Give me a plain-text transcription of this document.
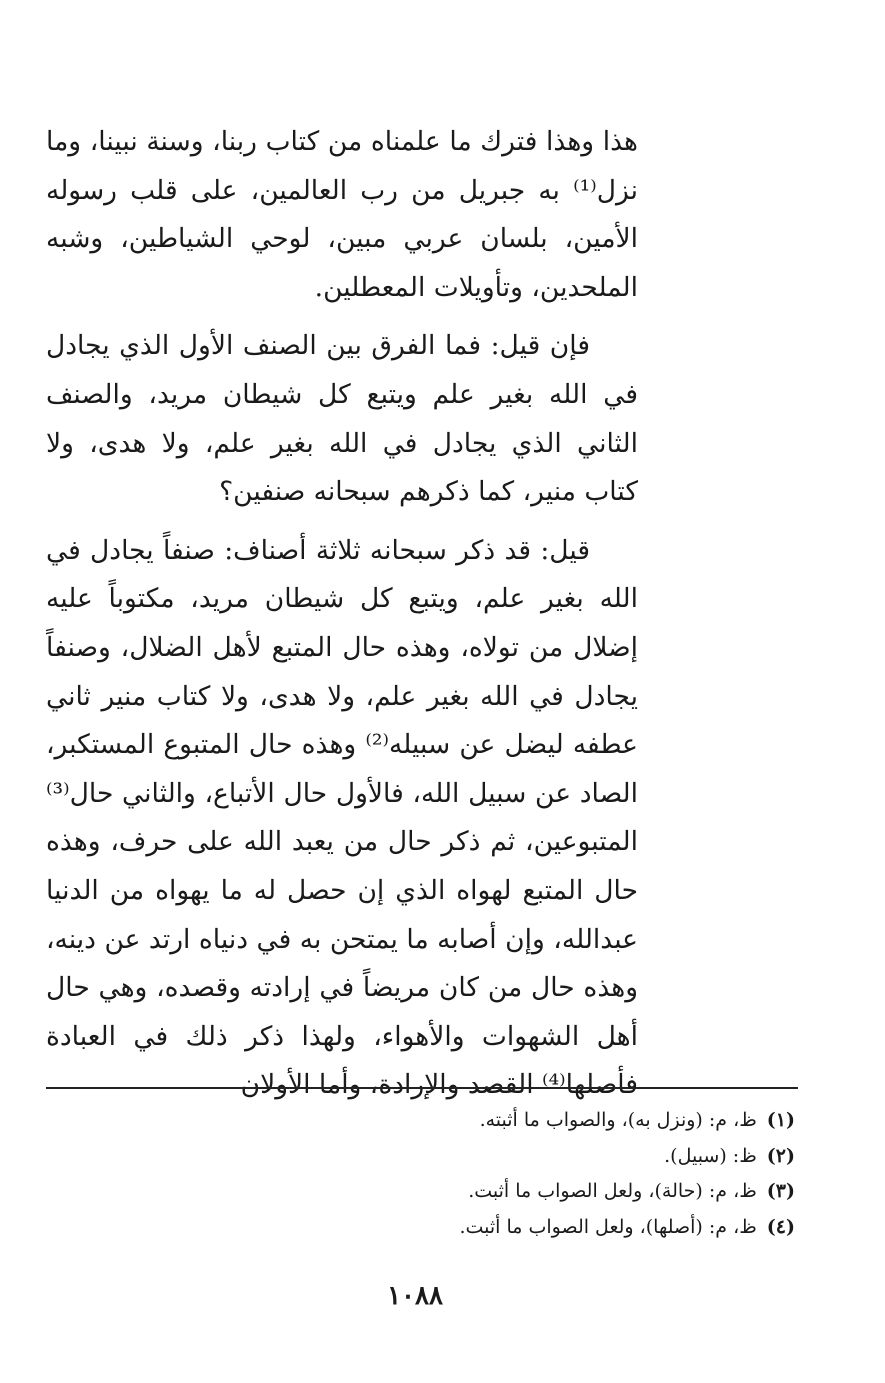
هذا وهذا فترك ما علمناه من كتاب ربنا، وسنة نبينا، وما نزل⁽¹⁾ به جبريل من رب العالمين، على قلب رسوله الأمين، بلسان عربي مبين، لوحي الشياطين، وشبه الملحدين، وتأويلات المعطلين.

فإن قيل: فما الفرق بين الصنف الأول الذي يجادل في الله بغير علم ويتبع كل شيطان مريد، والصنف الثاني الذي يجادل في الله بغير علم، ولا هدى، ولا كتاب منير، كما ذكرهم سبحانه صنفين؟

قيل: قد ذكر سبحانه ثلاثة أصناف: صنفاً يجادل في الله بغير علم، ويتبع كل شيطان مريد، مكتوباً عليه إضلال من تولاه، وهذه حال المتبع لأهل الضلال، وصنفاً يجادل في الله بغير علم، ولا هدى، ولا كتاب منير ثاني عطفه ليضل عن سبيله⁽²⁾ وهذه حال المتبوع المستكبر، الصاد عن سبيل الله، فالأول حال الأتباع، والثاني حال⁽³⁾ المتبوعين، ثم ذكر حال من يعبد الله على حرف، وهذه حال المتبع لهواه الذي إن حصل له ما يهواه من الدنيا عبدالله، وإن أصابه ما يمتحن به في دنياه ارتد عن دينه، وهذه حال من كان مريضاً في إرادته وقصده، وهي حال أهل الشهوات والأهواء، ولهذا ذكر ذلك في العبادة فأصلها⁽⁴⁾ القصد والإرادة، وأما الأولان

(١)ظ، م: (ونزل به)، والصواب ما أثبته.
(٢)ظ: (سبيل).
(٣)ظ، م: (حالة)، ولعل الصواب ما أثبت.
(٤)ظ، م: (أصلها)، ولعل الصواب ما أثبت.
١٠٨٨
